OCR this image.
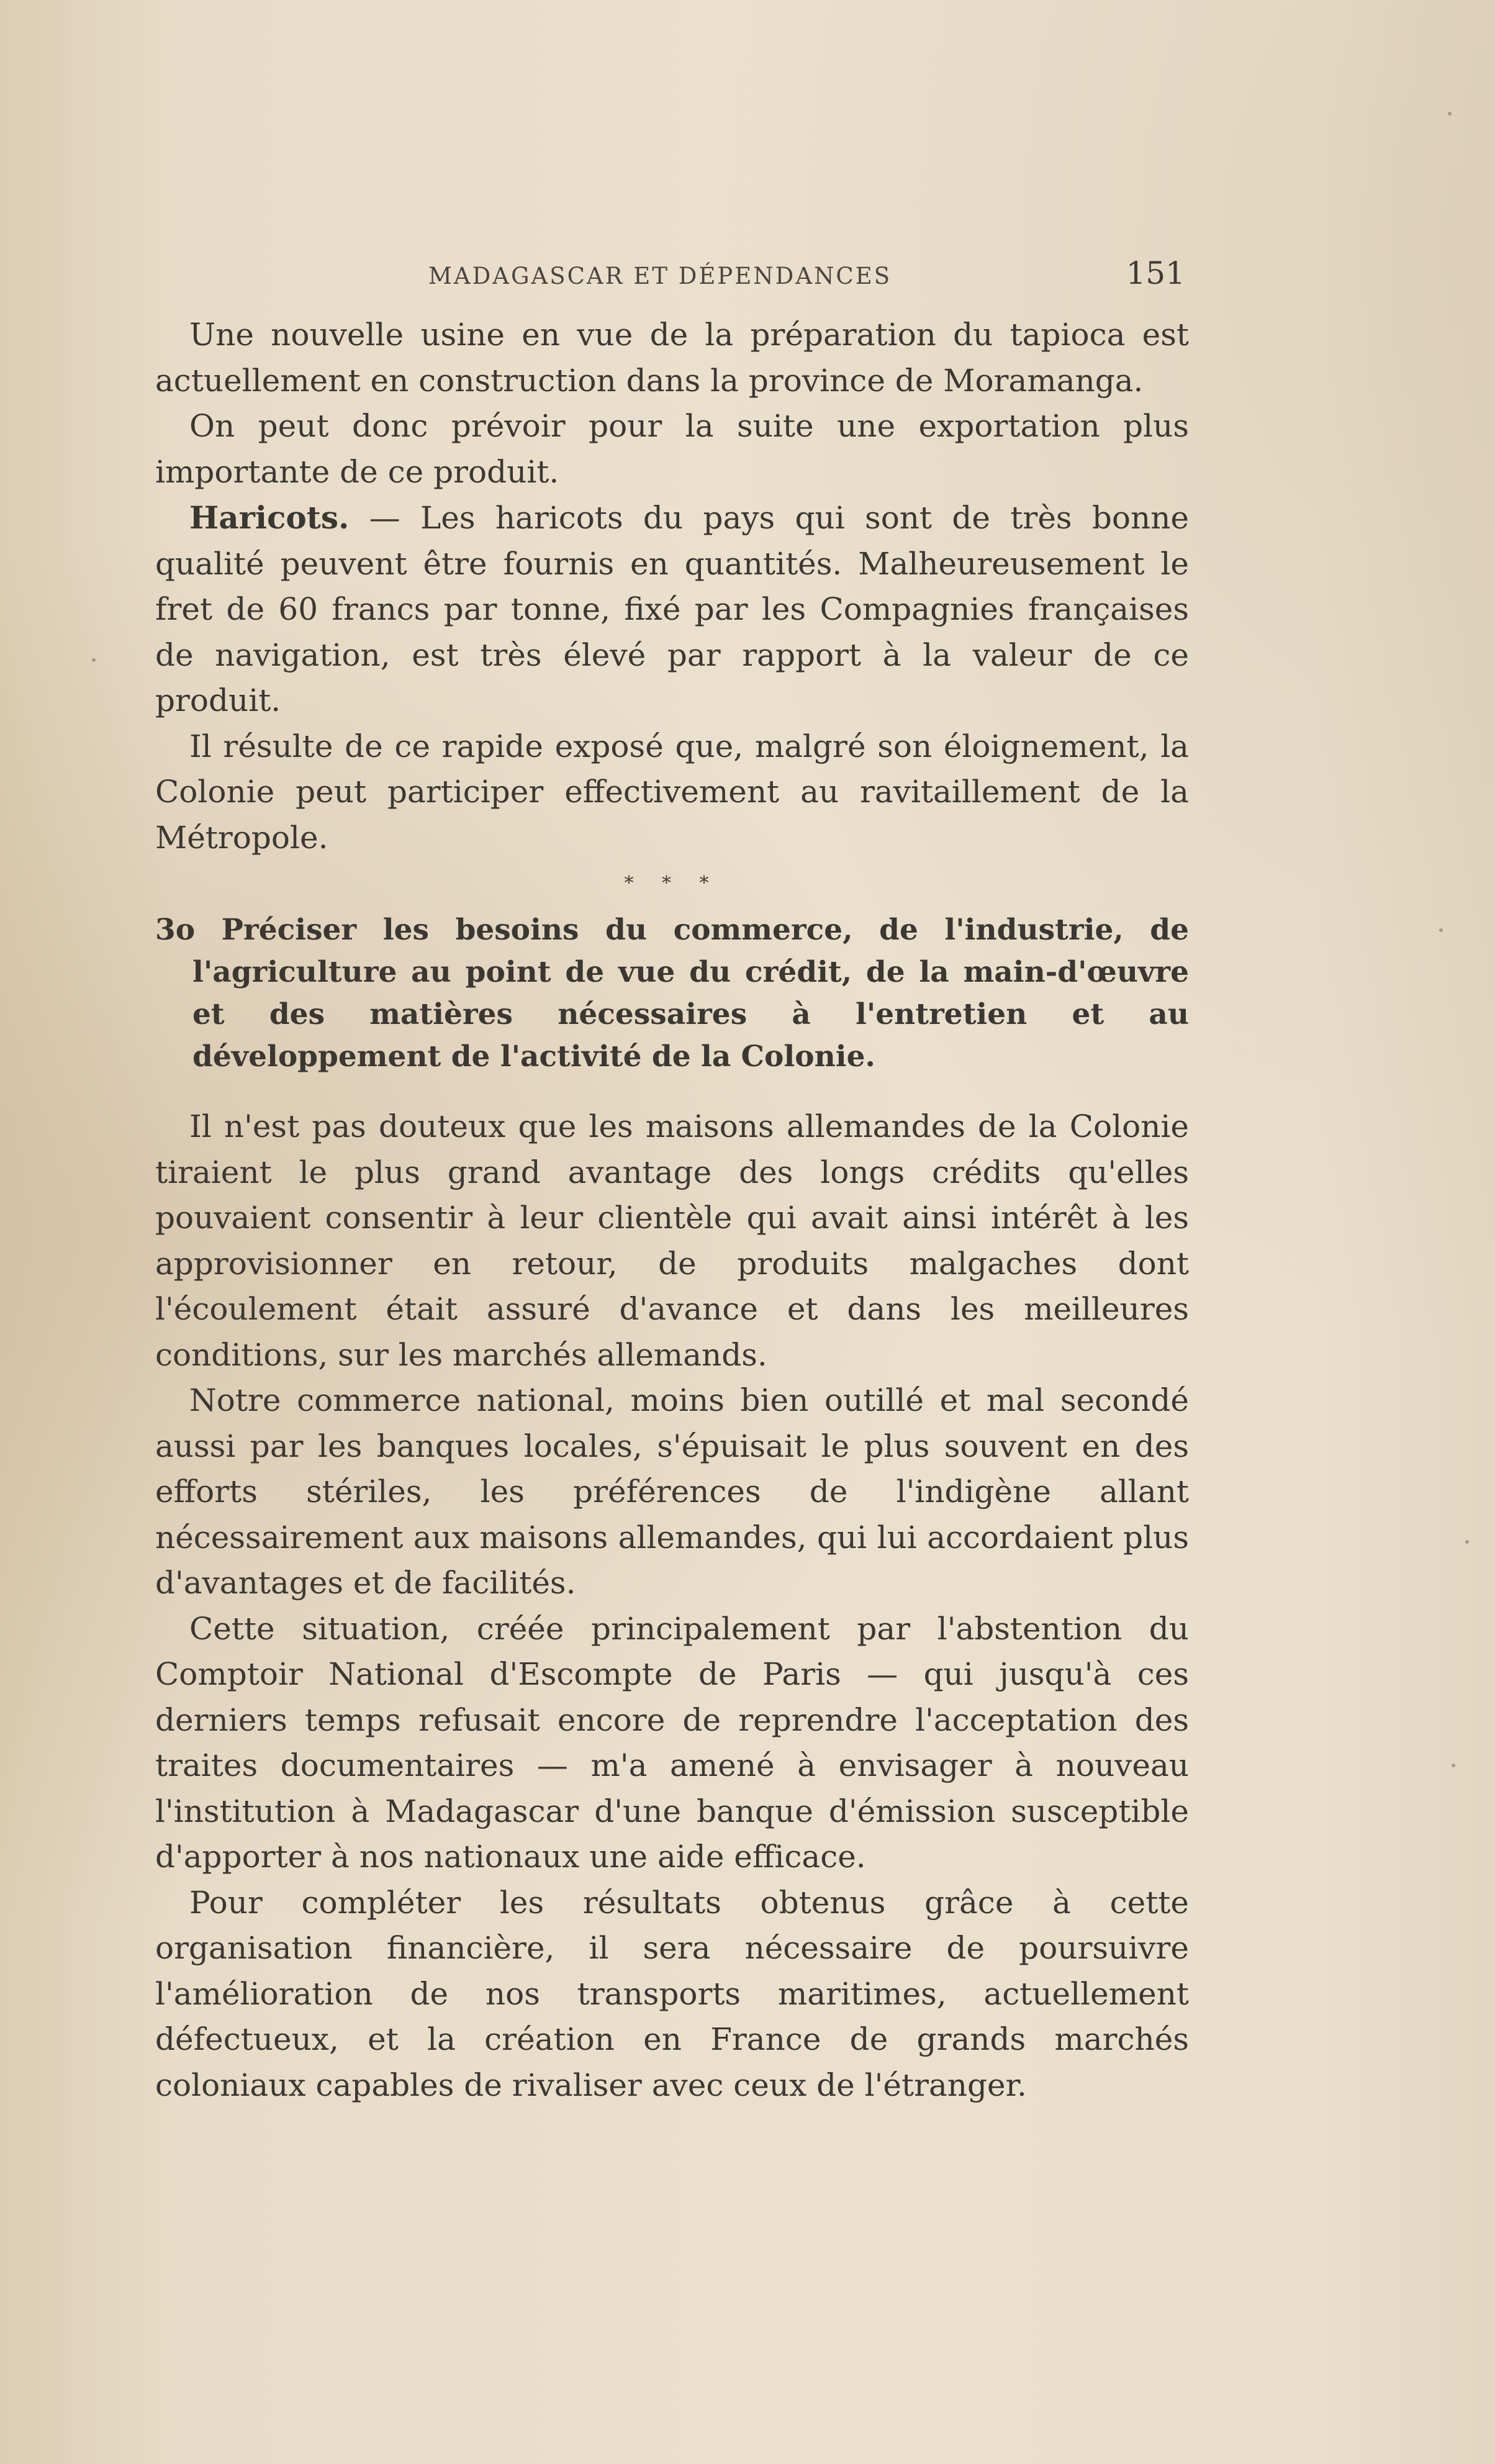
MADAGASCAR ET DÉPENDANCES	151

Une nouvelle usine en vue de la préparation du tapioca est actuellement en construction dans la province de Moramanga.

On peut donc prévoir pour la suite une exportation plus importante de ce produit.

Haricots. — Les haricots du pays qui sont de très bonne qualité peuvent être fournis en quantités. Malheureusement le fret de 60 francs par tonne, fixé par les Compagnies françaises de navigation, est très élevé par rapport à la valeur de ce produit.

Il résulte de ce rapide exposé que, malgré son éloignement, la Colonie peut participer effectivement au ravitaillement de la Métropole.

* * *

3o Préciser les besoins du commerce, de l'industrie, de l'agriculture au point de vue du crédit, de la main-d'œuvre et des matières nécessaires à l'entretien et au développement de l'activité de la Colonie.

Il n'est pas douteux que les maisons allemandes de la Colonie tiraient le plus grand avantage des longs crédits qu'elles pouvaient consentir à leur clientèle qui avait ainsi intérêt à les approvisionner en retour, de produits malgaches dont l'écoulement était assuré d'avance et dans les meilleures conditions, sur les marchés allemands.

Notre commerce national, moins bien outillé et mal secondé aussi par les banques locales, s'épuisait le plus souvent en des efforts stériles, les préférences de l'indigène allant nécessairement aux maisons allemandes, qui lui accordaient plus d'avantages et de facilités.

Cette situation, créée principalement par l'abstention du Comptoir National d'Escompte de Paris — qui jusqu'à ces derniers temps refusait encore de reprendre l'acceptation des traites documentaires — m'a amené à envisager à nouveau l'institution à Madagascar d'une banque d'émission susceptible d'apporter à nos nationaux une aide efficace.

Pour compléter les résultats obtenus grâce à cette organisation financière, il sera nécessaire de poursuivre l'amélioration de nos transports maritimes, actuellement défectueux, et la création en France de grands marchés coloniaux capables de rivaliser avec ceux de l'étranger.
